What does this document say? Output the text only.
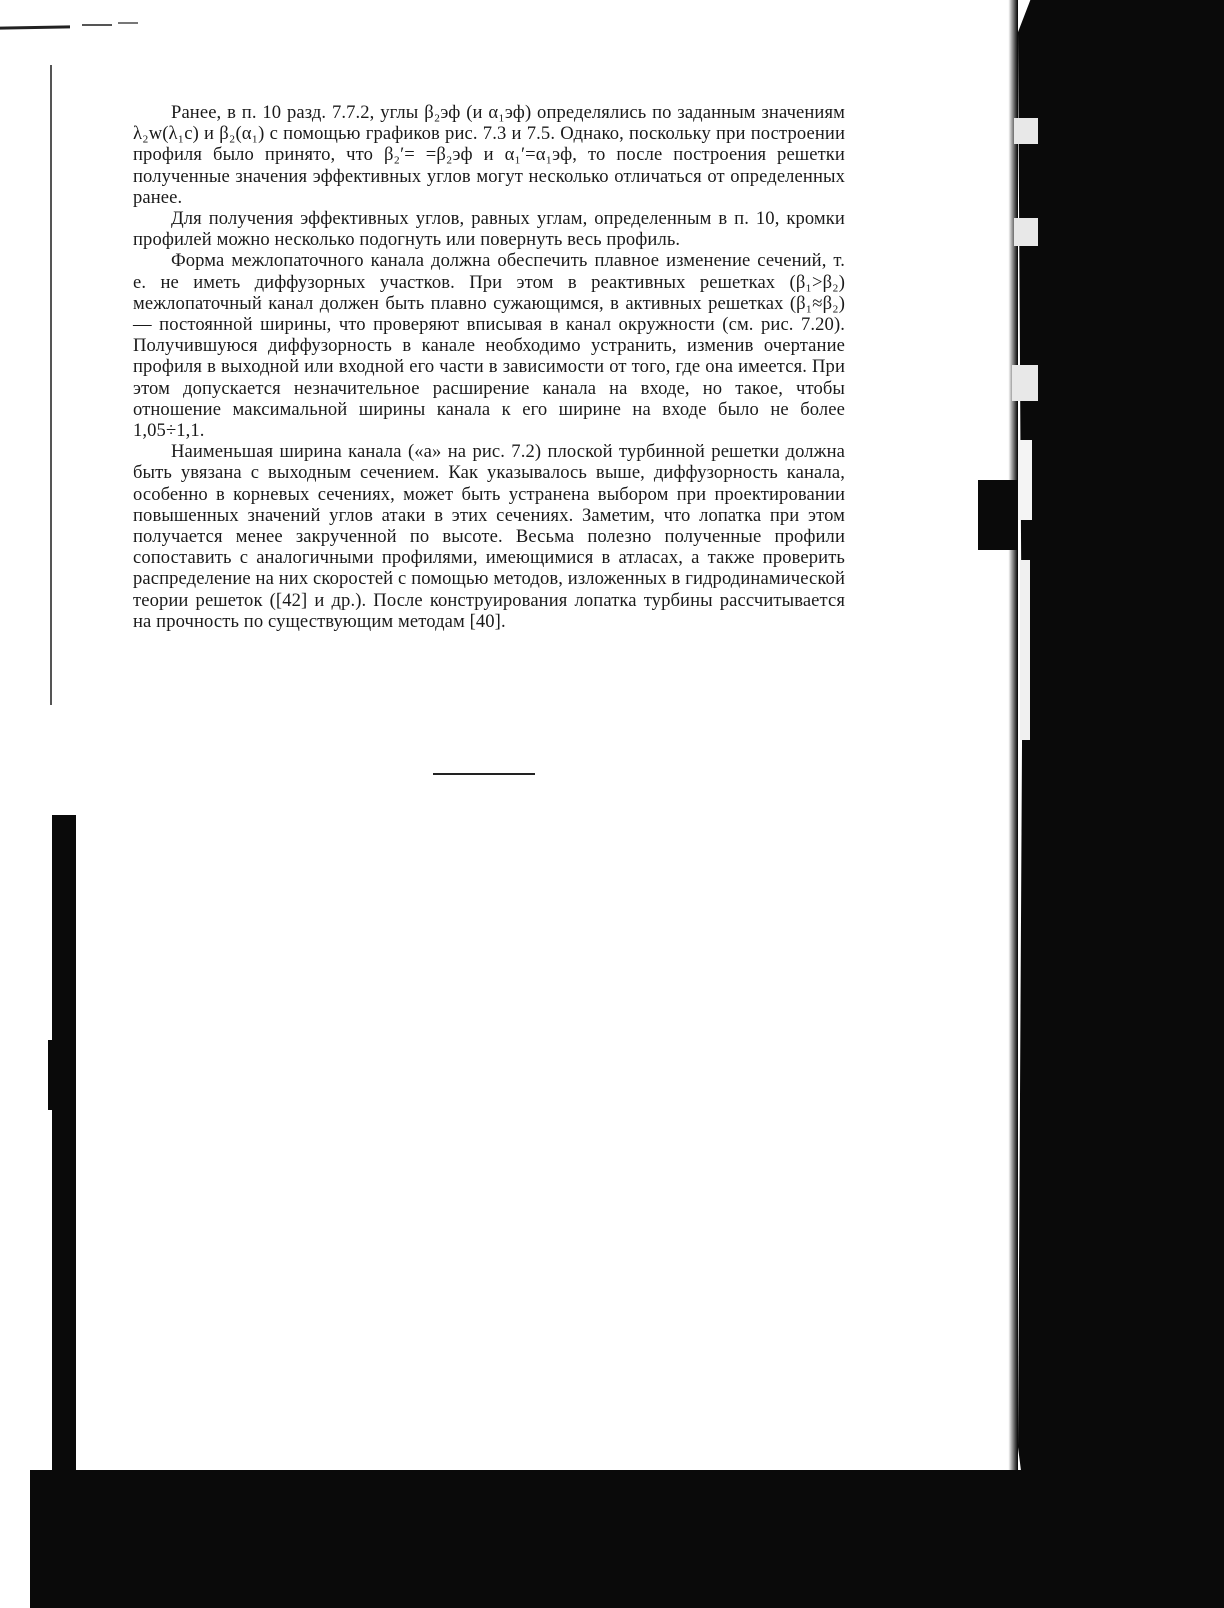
Ранее, в п. 10 разд. 7.7.2, углы β₂эф (и α₁эф) определялись по заданным значениям λ₂w(λ₁c) и β₂(α₁) с помощью графиков рис. 7.3 и 7.5. Однако, поскольку при построении профиля было принято, что β₂′= =β₂эф и α₁′=α₁эф, то после построения решетки полученные значения эффективных углов могут несколько отличаться от определенных ранее.

Для получения эффективных углов, равных углам, определенным в п. 10, кромки профилей можно несколько подогнуть или повернуть весь профиль.

Форма межлопаточного канала должна обеспечить плавное изменение сечений, т. е. не иметь диффузорных участков. При этом в реактивных решетках (β₁>β₂) межлопаточный канал должен быть плавно сужающимся, в активных решетках (β₁≈β₂) — постоянной ширины, что проверяют вписывая в канал окружности (см. рис. 7.20). Получившуюся диффузорность в канале необходимо устранить, изменив очертание профиля в выходной или входной его части в зависимости от того, где она имеется. При этом допускается незначительное расширение канала на входе, но такое, чтобы отношение максимальной ширины канала к его ширине на входе было не более 1,05÷1,1.

Наименьшая ширина канала («a» на рис. 7.2) плоской турбинной решетки должна быть увязана с выходным сечением. Как указывалось выше, диффузорность канала, особенно в корневых сечениях, может быть устранена выбором при проектировании повышенных значений углов атаки в этих сечениях. Заметим, что лопатка при этом получается менее закрученной по высоте. Весьма полезно полученные профили сопоставить с аналогичными профилями, имеющимися в атласах, а также проверить распределение на них скоростей с помощью методов, изложенных в гидродинамической теории решеток ([42] и др.). После конструирования лопатка турбины рассчитывается на прочность по существующим методам [40].
